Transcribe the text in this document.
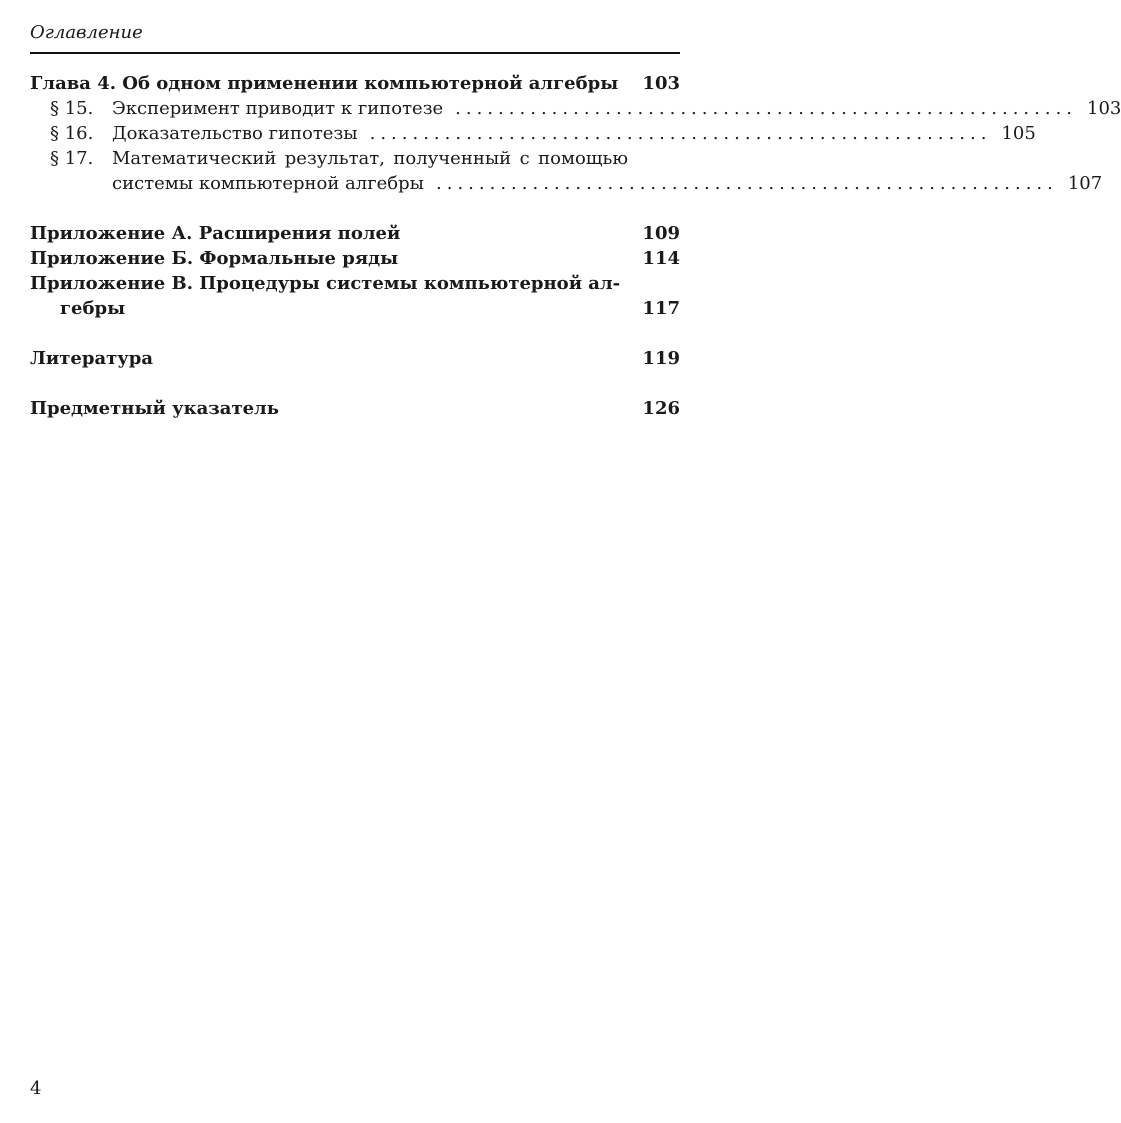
Оглавление
Глава 4. Об одном применении компьютерной алгебры	103
§ 15.	Эксперимент приводит к гипотезе .......................................................... 103
§ 16.	Доказательство гипотезы .......................................................... 105
§ 17.	Математический результат, полученный с помощью
системы компьютерной алгебры .......................................................... 107
Приложение А. Расширения полей	109
Приложение Б. Формальные ряды	114
Приложение В. Процедуры системы компьютерной ал-
гебры	117
Литература	119
Предметный указатель	126
4
